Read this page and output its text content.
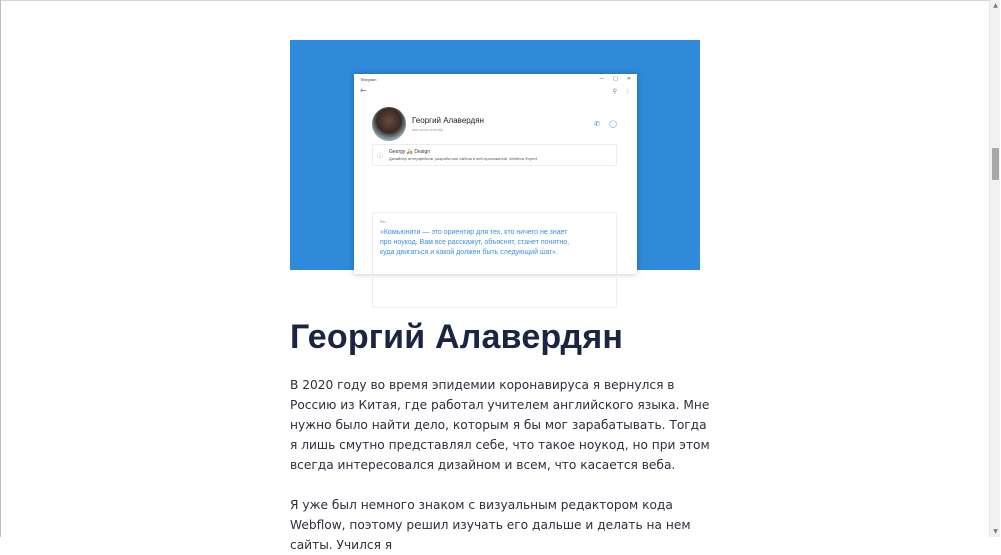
Telegram	— □ ✕
←	⚲ ⋮
Георгий Алавердян
last seen recently
✆ ◯
ⓘ
Georgy 🛵 Design
Дизайнер интерфейсов, разработчик сайтов и веб-приложений, Webflow Expert
Bio
«Комьюнити — это ориентир для тех, кто ничего не знает про ноукод. Вам все расскажут, объяснят, станет понятно, куда двигаться и какой должен быть следующий шаг».
Георгий Алавердян

В 2020 году во время эпидемии коронавируса я вернулся в Россию из Китая, где работал учителем английского языка. Мне нужно было найти дело, которым я бы мог зарабатывать. Тогда я лишь смутно представлял себе, что такое ноукод, но при этом всегда интересовался дизайном и всем, что касается веба.

Я уже был немного знаком с визуальным редактором кода Webflow, поэтому решил изучать его дальше и делать на нем сайты. Учился я

▲
▼
